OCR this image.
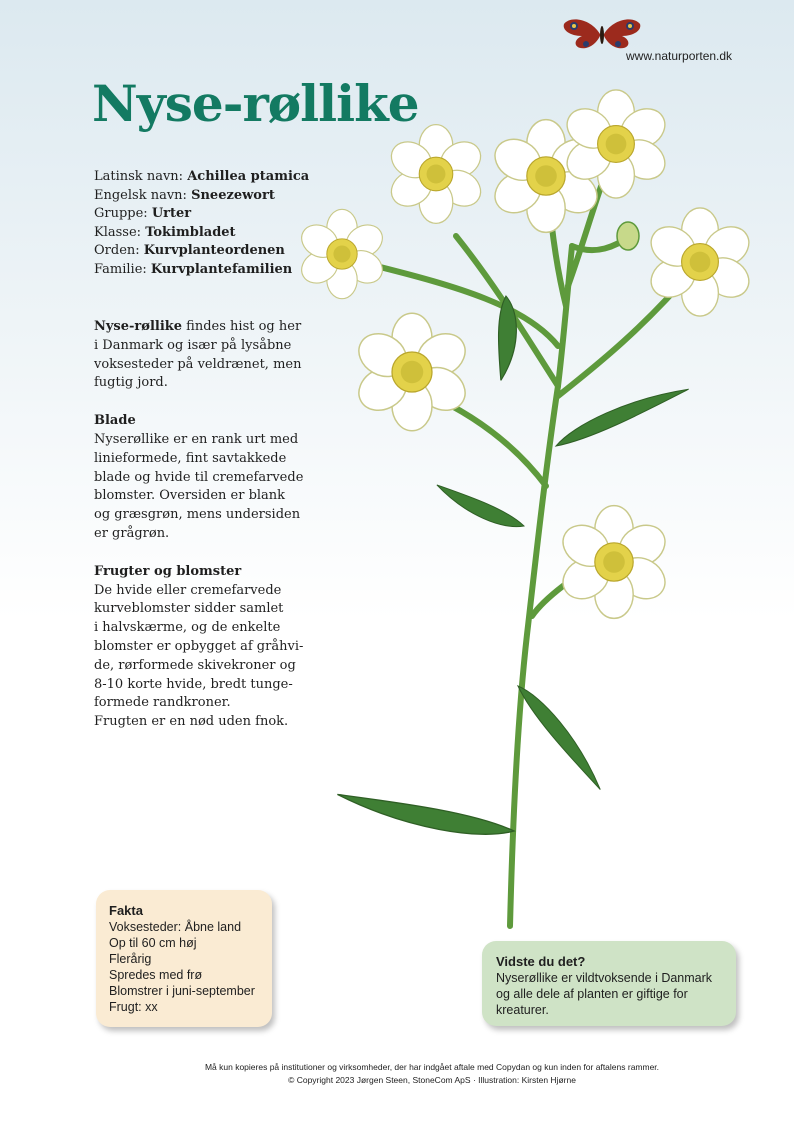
www.naturporten.dk
Nyse-røllike
Latinsk navn: Achillea ptamica
Engelsk navn: Sneezewort
Gruppe: Urter
Klasse: Tokimbladet
Orden: Kurvplanteordenen
Familie: Kurvplantefamilien

Nyse-røllike findes hist og her
i Danmark og især på lysåbne
voksesteder på veldrænet, men
fugtig jord.

Blade

Nyserøllike er en rank urt med
linieformede, fint savtakkede
blade og hvide til cremefarvede
blomster. Oversiden er blank
og græsgrøn, mens undersiden
er grågrøn.

Frugter og blomster

De hvide eller cremefarvede
kurveblomster sidder samlet
i halvskærme, og de enkelte
blomster er opbygget af gråhvi-
de, rørformede skivekroner og
8-10 korte hvide, bredt tunge-
formede randkroner.
Frugten er en nød uden fnok.

Fakta
Voksesteder: Åbne land
Op til 60 cm høj
Flerårig
Spredes med frø
Blomstrer i juni-september
Frugt: xx
Vidste du det?
Nyserøllike er vildtvoksende i Danmark
og alle dele af planten er giftige for
kreaturer.
Må kun kopieres på institutioner og virksomheder, der har indgået aftale med Copydan og kun inden for aftalens rammer.
© Copyright 2023 Jørgen Steen, StoneCom ApS · Illustration: Kirsten Hjørne
